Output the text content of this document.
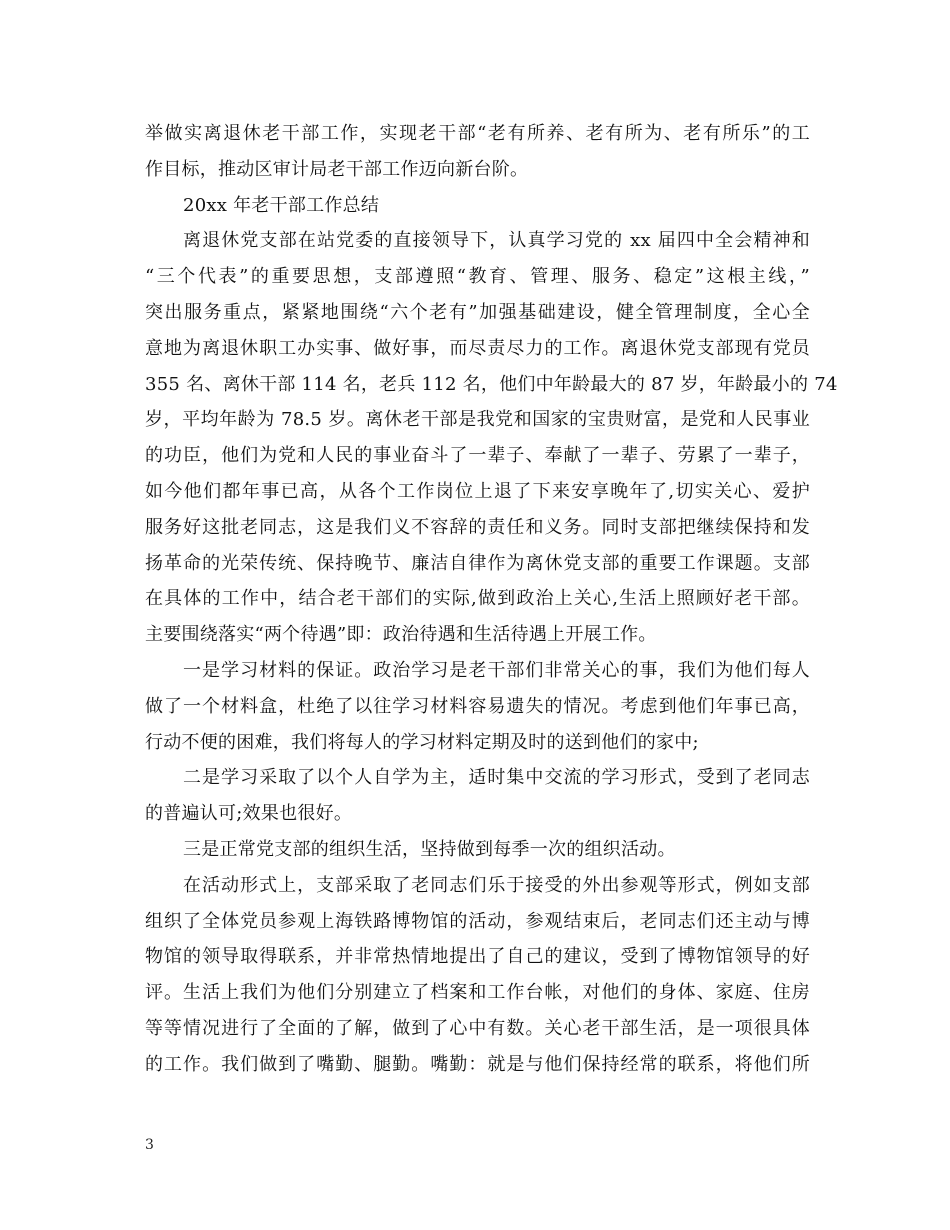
举做实离退休老干部工作，实现老干部“老有所养、老有所为、老有所乐”的工
作目标，推动区审计局老干部工作迈向新台阶。
20xx 年老干部工作总结
离退休党支部在站党委的直接领导下，认真学习党的 xx 届四中全会精神和
“三个代表”的重要思想，支部遵照“教育、管理、服务、稳定”这根主线，”
突出服务重点，紧紧地围绕“六个老有”加强基础建设，健全管理制度，全心全
意地为离退休职工办实事、做好事，而尽责尽力的工作。离退休党支部现有党员
355 名、离休干部 114 名，老兵 112 名，他们中年龄最大的 87 岁，年龄最小的 74
岁，平均年龄为 78.5 岁。离休老干部是我党和国家的宝贵财富，是党和人民事业
的功臣，他们为党和人民的事业奋斗了一辈子、奉献了一辈子、劳累了一辈子，
如今他们都年事已高，从各个工作岗位上退了下来安享晚年了,切实关心、爱护
服务好这批老同志，这是我们义不容辞的责任和义务。同时支部把继续保持和发
扬革命的光荣传统、保持晚节、廉洁自律作为离休党支部的重要工作课题。支部
在具体的工作中，结合老干部们的实际,做到政治上关心,生活上照顾好老干部。
主要围绕落实“两个待遇”即：政治待遇和生活待遇上开展工作。
一是学习材料的保证。政治学习是老干部们非常关心的事，我们为他们每人
做了一个材料盒，杜绝了以往学习材料容易遗失的情况。考虑到他们年事已高，
行动不便的困难，我们将每人的学习材料定期及时的送到他们的家中;
二是学习采取了以个人自学为主，适时集中交流的学习形式，受到了老同志
的普遍认可;效果也很好。
三是正常党支部的组织生活，坚持做到每季一次的组织活动。
在活动形式上，支部采取了老同志们乐于接受的外出参观等形式，例如支部
组织了全体党员参观上海铁路博物馆的活动，参观结束后，老同志们还主动与博
物馆的领导取得联系，并非常热情地提出了自己的建议，受到了博物馆领导的好
评。生活上我们为他们分别建立了档案和工作台帐，对他们的身体、家庭、住房
等等情况进行了全面的了解，做到了心中有数。关心老干部生活，是一项很具体
的工作。我们做到了嘴勤、腿勤。嘴勤：就是与他们保持经常的联系，将他们所
3
